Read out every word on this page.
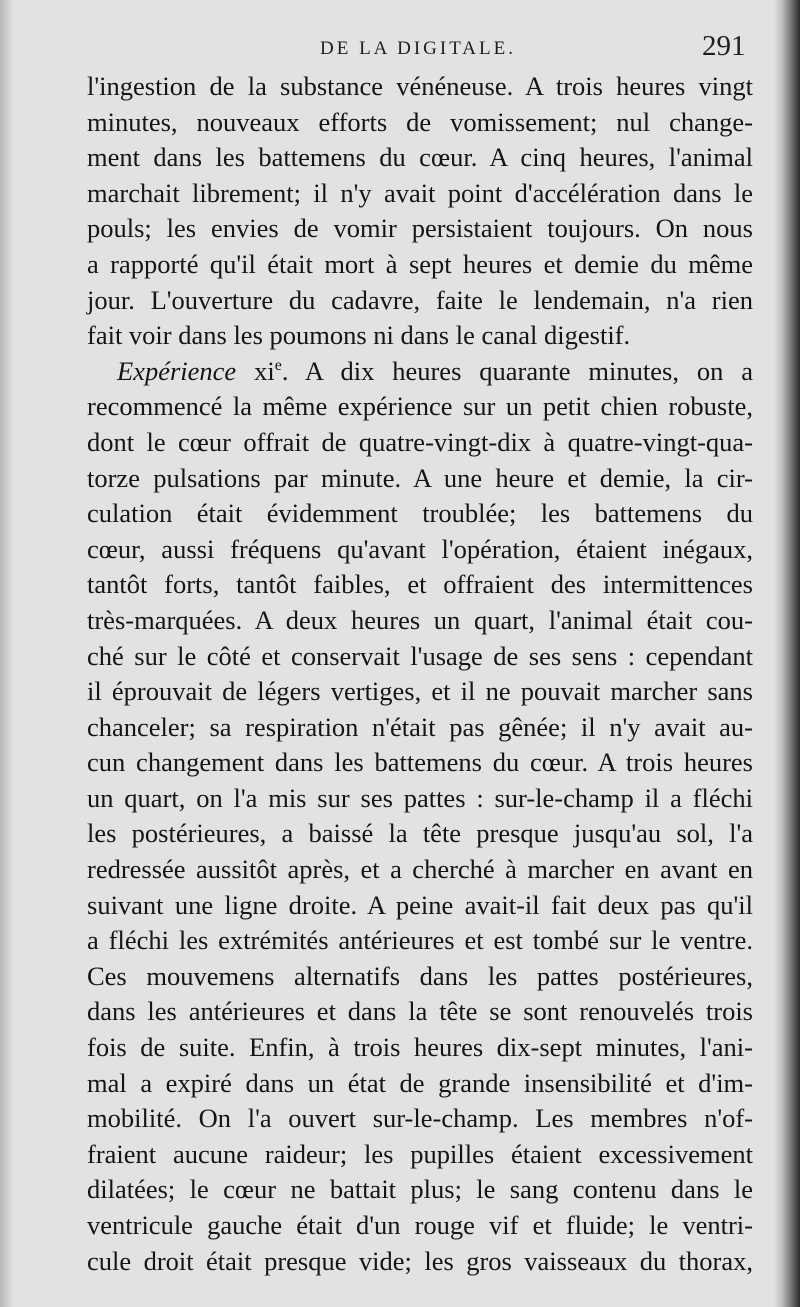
DE LA DIGITALE.	291
l'ingestion de la substance vénéneuse. A trois heures vingt
minutes, nouveaux efforts de vomissement; nul change-
ment dans les battemens du cœur. A cinq heures, l'animal
marchait librement; il n'y avait point d'accélération dans le
pouls; les envies de vomir persistaient toujours. On nous
a rapporté qu'il était mort à sept heures et demie du même
jour. L'ouverture du cadavre, faite le lendemain, n'a rien
fait voir dans les poumons ni dans le canal digestif.
Expérience $xi^e$. A dix heures quarante minutes, on a
recommencé la même expérience sur un petit chien robuste,
dont le cœur offrait de quatre-vingt-dix à quatre-vingt-qua-
torze pulsations par minute. A une heure et demie, la cir-
culation était évidemment troublée; les battemens du
cœur, aussi fréquens qu'avant l'opération, étaient inégaux,
tantôt forts, tantôt faibles, et offraient des intermittences
très-marquées. A deux heures un quart, l'animal était cou-
ché sur le côté et conservait l'usage de ses sens : cependant
il éprouvait de légers vertiges, et il ne pouvait marcher sans
chanceler; sa respiration n'était pas gênée; il n'y avait au-
cun changement dans les battemens du cœur. A trois heures
un quart, on l'a mis sur ses pattes : sur-le-champ il a fléchi
les postérieures, a baissé la tête presque jusqu'au sol, l'a
redressée aussitôt après, et a cherché à marcher en avant en
suivant une ligne droite. A peine avait-il fait deux pas qu'il
a fléchi les extrémités antérieures et est tombé sur le ventre.
Ces mouvemens alternatifs dans les pattes postérieures,
dans les antérieures et dans la tête se sont renouvelés trois
fois de suite. Enfin, à trois heures dix-sept minutes, l'ani-
mal a expiré dans un état de grande insensibilité et d'im-
mobilité. On l'a ouvert sur-le-champ. Les membres n'of-
fraient aucune raideur; les pupilles étaient excessivement
dilatées; le cœur ne battait plus; le sang contenu dans le
ventricule gauche était d'un rouge vif et fluide; le ventri-
cule droit était presque vide; les gros vaisseaux du thorax,
